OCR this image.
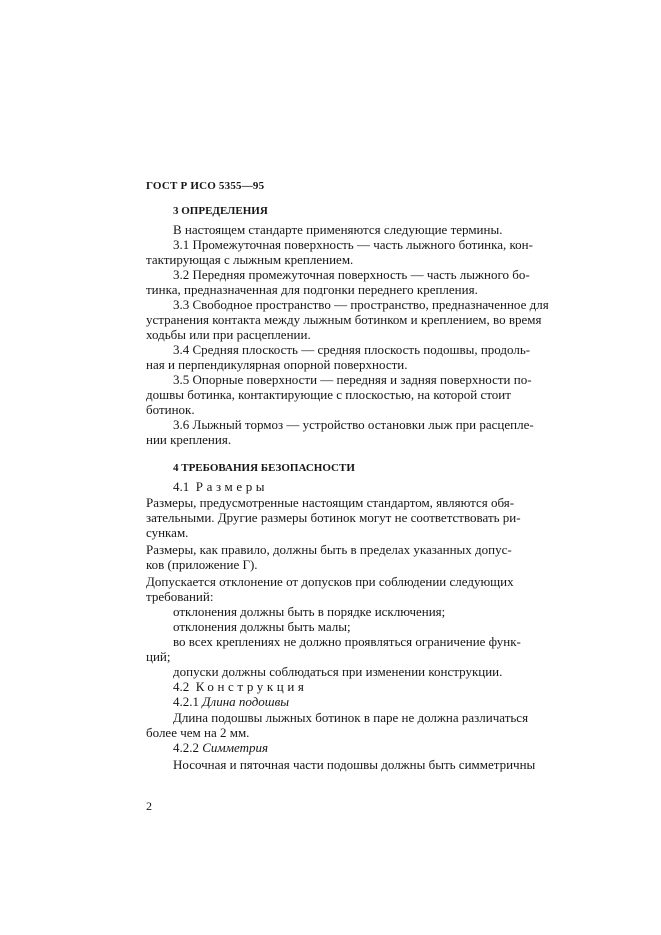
ГОСТ Р ИСО 5355—95
3 ОПРЕДЕЛЕНИЯ
В настоящем стандарте применяются следующие термины.
3.1 Промежуточная поверхность — часть лыжного ботинка, кон-
тактирующая с лыжным креплением.
3.2 Передняя промежуточная поверхность — часть лыжного бо-
тинка, предназначенная для подгонки переднего крепления.
3.3 Свободное пространство — пространство, предназначенное для
устранения контакта между лыжным ботинком и креплением, во время
ходьбы или при расцеплении.
3.4 Средняя плоскость — средняя плоскость подошвы, продоль-
ная и перпендикулярная опорной поверхности.
3.5 Опорные поверхности — передняя и задняя поверхности по-
дошвы ботинка, контактирующие с плоскостью, на которой стоит
ботинок.
3.6 Лыжный тормоз — устройство остановки лыж при расцепле-
нии крепления.
4 ТРЕБОВАНИЯ БЕЗОПАСНОСТИ
4.1 Размеры
Размеры, предусмотренные настоящим стандартом, являются обя-
зательными. Другие размеры ботинок могут не соответствовать ри-
сункам.
Размеры, как правило, должны быть в пределах указанных допус-
ков (приложение Г).
Допускается отклонение от допусков при соблюдении следующих
требований:
отклонения должны быть в порядке исключения;
отклонения должны быть малы;
во всех креплениях не должно проявляться ограничение функ-
ций;
допуски должны соблюдаться при изменении конструкции.
4.2 Конструкция
4.2.1 Длина подошвы
Длина подошвы лыжных ботинок в паре не должна различаться
более чем на 2 мм.
4.2.2 Симметрия
Носочная и пяточная части подошвы должны быть симметричны
2
